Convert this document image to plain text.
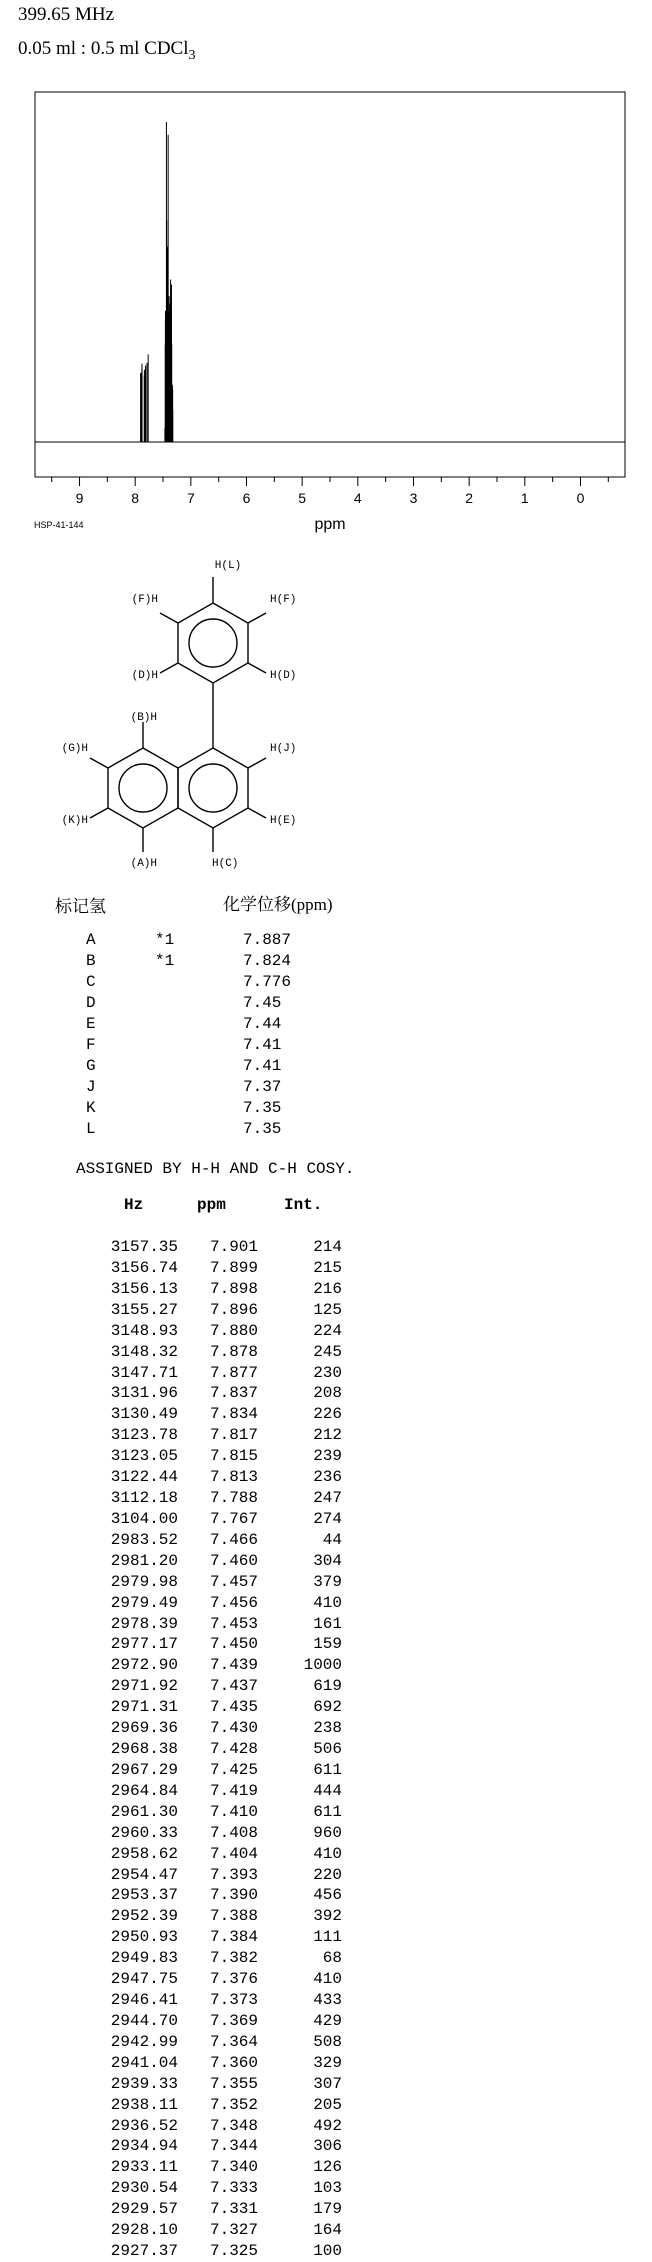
399.65 MHz
0.05 ml : 0.5 ml CDCl$_3$
9	8	7	6	5	4	3	2	1	0
ppm
HSP-41-144
H(L)
(F)H	H(F)
(D)H	H(D)
(B)H
(G)H	H(J)
(K)H	H(E)
(A)H	H(C)
标记氢	化学位移(ppm)
A	*1	7.887
B	*1	7.824
C	7.776
D	7.45
E	7.44
F	7.41
G	7.41
J	7.37
K	7.35
L	7.35
ASSIGNED BY H-H AND C-H COSY.
Hz	ppm	Int.
3157.35	7.901	214
3156.74	7.899	215
3156.13	7.898	216
3155.27	7.896	125
3148.93	7.880	224
3148.32	7.878	245
3147.71	7.877	230
3131.96	7.837	208
3130.49	7.834	226
3123.78	7.817	212
3123.05	7.815	239
3122.44	7.813	236
3112.18	7.788	247
3104.00	7.767	274
2983.52	7.466	44
2981.20	7.460	304
2979.98	7.457	379
2979.49	7.456	410
2978.39	7.453	161
2977.17	7.450	159
2972.90	7.439	1000
2971.92	7.437	619
2971.31	7.435	692
2969.36	7.430	238
2968.38	7.428	506
2967.29	7.425	611
2964.84	7.419	444
2961.30	7.410	611
2960.33	7.408	960
2958.62	7.404	410
2954.47	7.393	220
2953.37	7.390	456
2952.39	7.388	392
2950.93	7.384	111
2949.83	7.382	68
2947.75	7.376	410
2946.41	7.373	433
2944.70	7.369	429
2942.99	7.364	508
2941.04	7.360	329
2939.33	7.355	307
2938.11	7.352	205
2936.52	7.348	492
2934.94	7.344	306
2933.11	7.340	126
2930.54	7.333	103
2929.57	7.331	179
2928.10	7.327	164
2927.37	7.325	100
